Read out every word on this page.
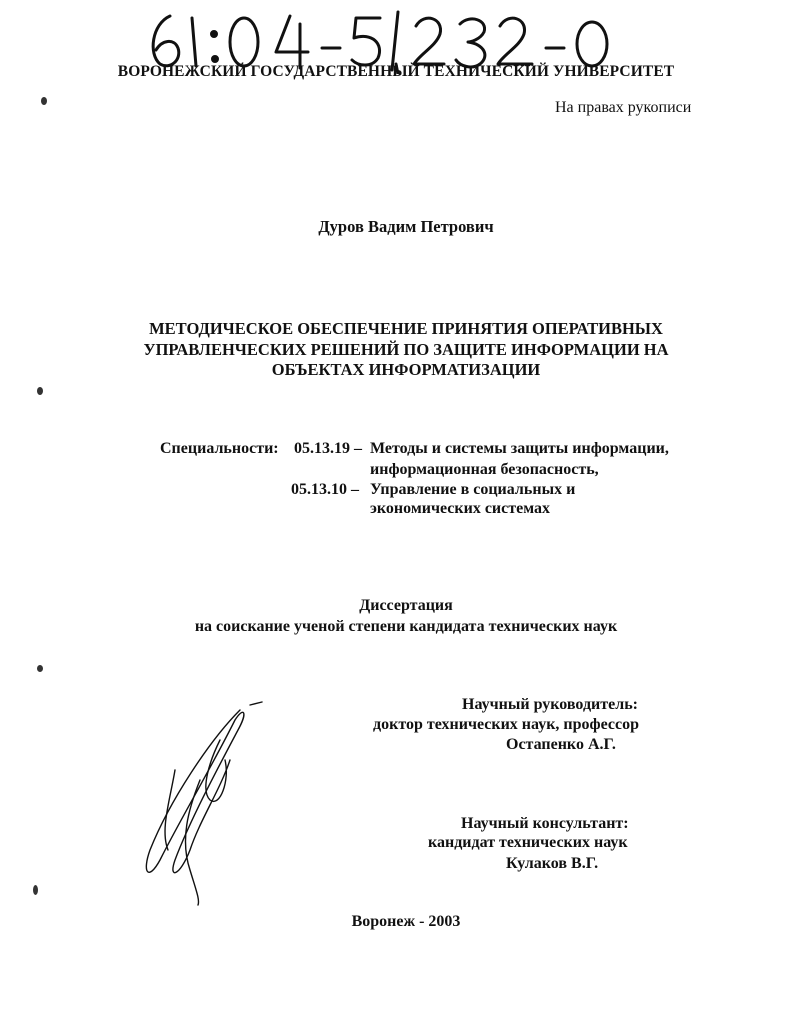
ВОРОНЕЖСКИЙ ГОСУДАРСТВЕННЫЙ ТЕХНИЧЕСКИЙ УНИВЕРСИТЕТ
На правах рукописи
Дуров Вадим Петрович
МЕТОДИЧЕСКОЕ ОБЕСПЕЧЕНИЕ ПРИНЯТИЯ ОПЕРАТИВНЫХ
УПРАВЛЕНЧЕСКИХ РЕШЕНИЙ ПО ЗАЩИТЕ ИНФОРМАЦИИ НА
ОБЪЕКТАХ ИНФОРМАТИЗАЦИИ
Специальности: 05.13.19 – Методы и системы защиты информации,
информационная безопасность,
05.13.10 – Управление в социальных и
экономических системах
Диссертация
на соискание ученой степени кандидата технических наук
Научный руководитель:
доктор технических наук, профессор
Остапенко А.Г.
Научный консультант:
кандидат технических наук
Кулаков В.Г.
Воронеж - 2003
